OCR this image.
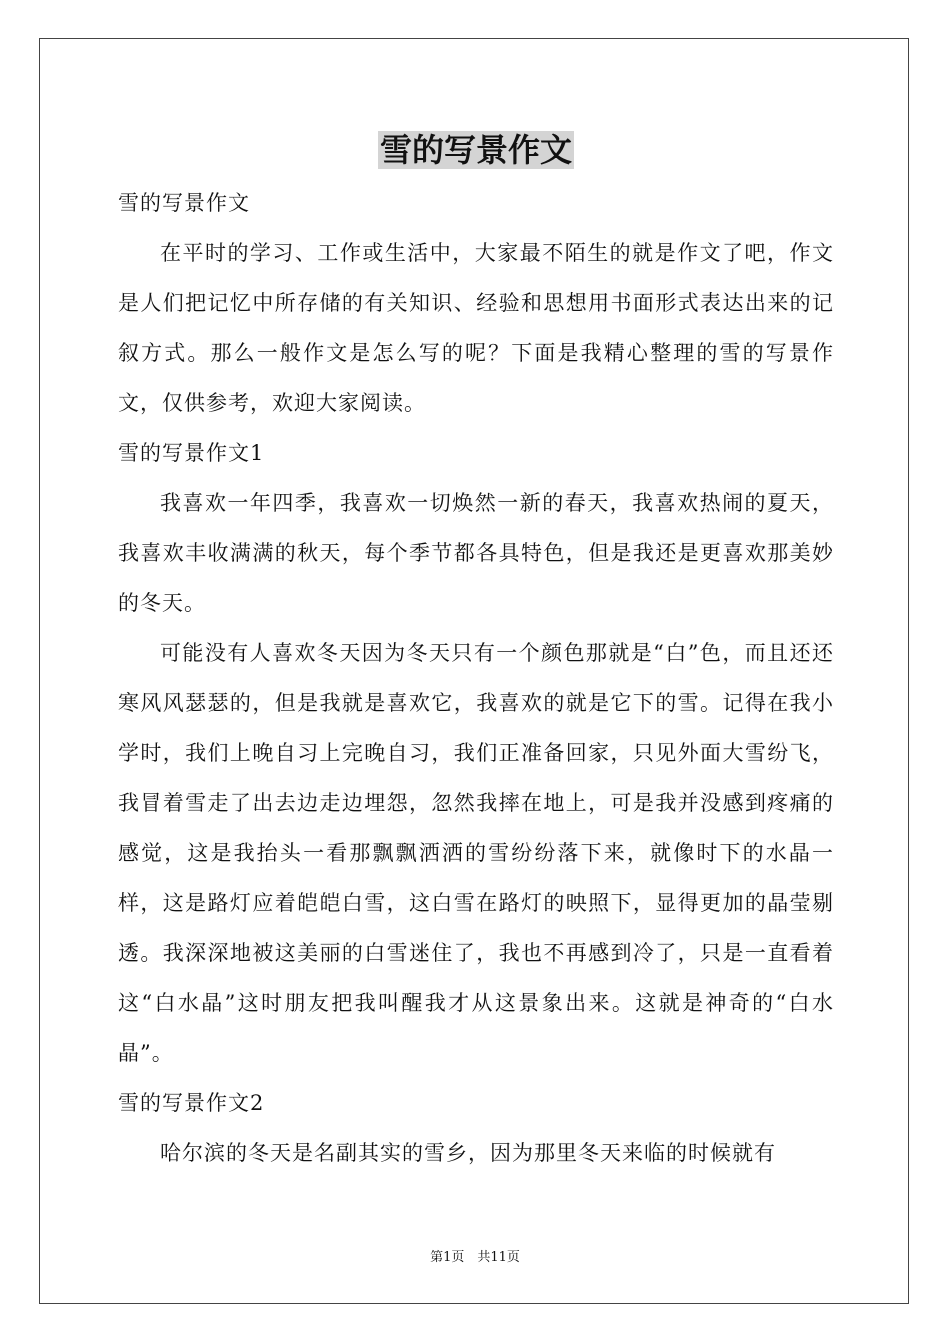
雪的写景作文

雪的写景作文

在平时的学习、工作或生活中，大家最不陌生的就是作文了吧，作文是人们把记忆中所存储的有关知识、经验和思想用书面形式表达出来的记叙方式。那么一般作文是怎么写的呢？下面是我精心整理的雪的写景作文，仅供参考，欢迎大家阅读。

雪的写景作文1

我喜欢一年四季，我喜欢一切焕然一新的春天，我喜欢热闹的夏天，我喜欢丰收满满的秋天，每个季节都各具特色，但是我还是更喜欢那美妙的冬天。

可能没有人喜欢冬天因为冬天只有一个颜色那就是“白”色，而且还还寒风风瑟瑟的，但是我就是喜欢它，我喜欢的就是它下的雪。记得在我小学时，我们上晚自习上完晚自习，我们正准备回家，只见外面大雪纷飞，我冒着雪走了出去边走边埋怨，忽然我摔在地上，可是我并没感到疼痛的感觉，这是我抬头一看那飘飘洒洒的雪纷纷落下来，就像时下的水晶一样，这是路灯应着皑皑白雪，这白雪在路灯的映照下，显得更加的晶莹剔透。我深深地被这美丽的白雪迷住了，我也不再感到冷了，只是一直看着这“白水晶”这时朋友把我叫醒我才从这景象出来。这就是神奇的“白水晶”。

雪的写景作文2

哈尔滨的冬天是名副其实的雪乡，因为那里冬天来临的时候就有

第1页　共11页
